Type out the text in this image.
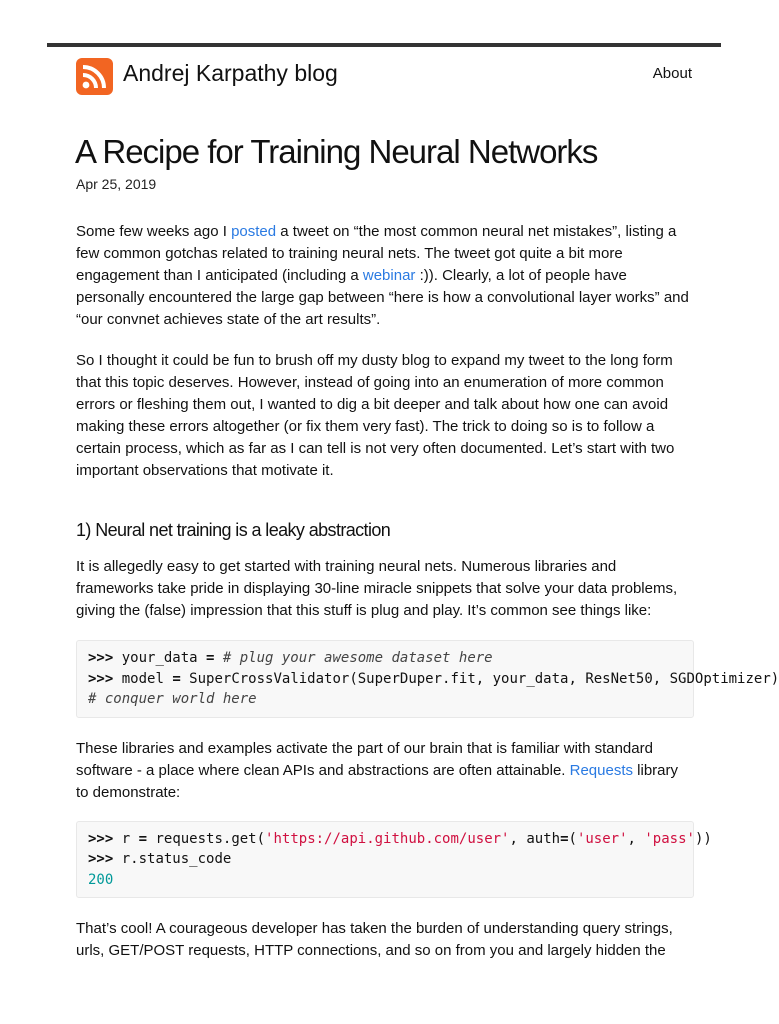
Andrej Karpathy blog	About
A Recipe for Training Neural Networks
Apr 25, 2019

Some few weeks ago I posted a tweet on “the most common neural net mistakes”, listing a few common gotchas related to training neural nets. The tweet got quite a bit more engagement than I anticipated (including a webinar :)). Clearly, a lot of people have personally encountered the large gap between “here is how a convolutional layer works” and “our convnet achieves state of the art results”.

So I thought it could be fun to brush off my dusty blog to expand my tweet to the long form that this topic deserves. However, instead of going into an enumeration of more common errors or fleshing them out, I wanted to dig a bit deeper and talk about how one can avoid making these errors altogether (or fix them very fast). The trick to doing so is to follow a certain process, which as far as I can tell is not very often documented. Let’s start with two important observations that motivate it.

1) Neural net training is a leaky abstraction

It is allegedly easy to get started with training neural nets. Numerous libraries and frameworks take pride in displaying 30-line miracle snippets that solve your data problems, giving the (false) impression that this stuff is plug and play. It’s common see things like:

>>> your_data = # plug your awesome dataset here
>>> model = SuperCrossValidator(SuperDuper.fit, your_data, ResNet50, SGDOptimizer)
# conquer world here

These libraries and examples activate the part of our brain that is familiar with standard software - a place where clean APIs and abstractions are often attainable. Requests library to demonstrate:

>>> r = requests.get('https://api.github.com/user', auth=('user', 'pass'))
>>> r.status_code
200

That’s cool! A courageous developer has taken the burden of understanding query strings, urls, GET/POST requests, HTTP connections, and so on from you and largely hidden the
